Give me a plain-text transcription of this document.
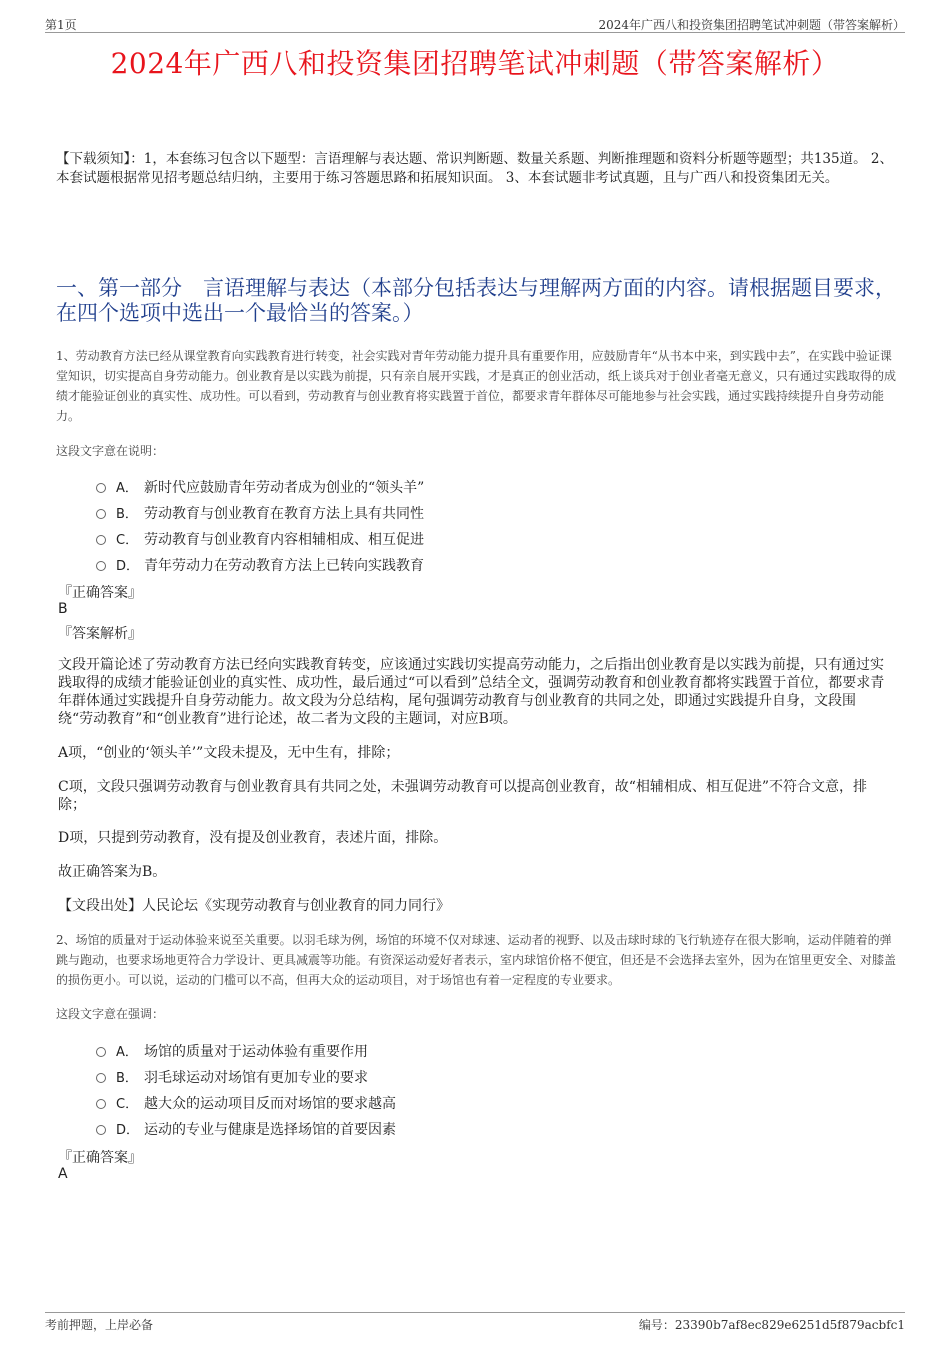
第1页	2024年广西八和投资集团招聘笔试冲刺题（带答案解析）
2024年广西八和投资集团招聘笔试冲刺题（带答案解析）
【下载须知】：1，本套练习包含以下题型：言语理解与表达题、常识判断题、数量关系题、判断推理题和资料分析题等题型；共135道。 2、本套试题根据常见招考题总结归纳，主要用于练习答题思路和拓展知识面。 3、本套试题非考试真题，且与广西八和投资集团无关。
一、第一部分　言语理解与表达（本部分包括表达与理解两方面的内容。请根据题目要求，在四个选项中选出一个最恰当的答案。）
1、劳动教育方法已经从课堂教育向实践教育进行转变，社会实践对青年劳动能力提升具有重要作用，应鼓励青年“从书本中来，到实践中去”，在实践中验证课堂知识，切实提高自身劳动能力。创业教育是以实践为前提，只有亲自展开实践，才是真正的创业活动，纸上谈兵对于创业者毫无意义，只有通过实践取得的成绩才能验证创业的真实性、成功性。可以看到，劳动教育与创业教育将实践置于首位，都要求青年群体尽可能地参与社会实践，通过实践持续提升自身劳动能力。
这段文字意在说明：
A． 新时代应鼓励青年劳动者成为创业的“领头羊”
B． 劳动教育与创业教育在教育方法上具有共同性
C． 劳动教育与创业教育内容相辅相成、相互促进
D． 青年劳动力在劳动教育方法上已转向实践教育
『正确答案』
B
『答案解析』
文段开篇论述了劳动教育方法已经向实践教育转变，应该通过实践切实提高劳动能力，之后指出创业教育是以实践为前提，只有通过实践取得的成绩才能验证创业的真实性、成功性，最后通过“可以看到”总结全文，强调劳动教育和创业教育都将实践置于首位，都要求青年群体通过实践提升自身劳动能力。故文段为分总结构，尾句强调劳动教育与创业教育的共同之处，即通过实践提升自身，文段围绕“劳动教育”和“创业教育”进行论述，故二者为文段的主题词，对应B项。
A项，“创业的‘领头羊’”文段未提及，无中生有，排除；
C项，文段只强调劳动教育与创业教育具有共同之处，未强调劳动教育可以提高创业教育，故“相辅相成、相互促进”不符合文意，排除；
D项，只提到劳动教育，没有提及创业教育，表述片面，排除。
故正确答案为B。
【文段出处】人民论坛《实现劳动教育与创业教育的同力同行》
2、场馆的质量对于运动体验来说至关重要。以羽毛球为例，场馆的环境不仅对球速、运动者的视野、以及击球时球的飞行轨迹存在很大影响，运动伴随着的弹跳与跑动，也要求场地更符合力学设计、更具减震等功能。有资深运动爱好者表示，室内球馆价格不便宜，但还是不会选择去室外，因为在馆里更安全、对膝盖的损伤更小。可以说，运动的门槛可以不高，但再大众的运动项目，对于场馆也有着一定程度的专业要求。
这段文字意在强调：
A． 场馆的质量对于运动体验有重要作用
B． 羽毛球运动对场馆有更加专业的要求
C． 越大众的运动项目反而对场馆的要求越高
D． 运动的专业与健康是选择场馆的首要因素
『正确答案』
A
考前押题，上岸必备	编号：23390b7af8ec829e6251d5f879acbfc1
